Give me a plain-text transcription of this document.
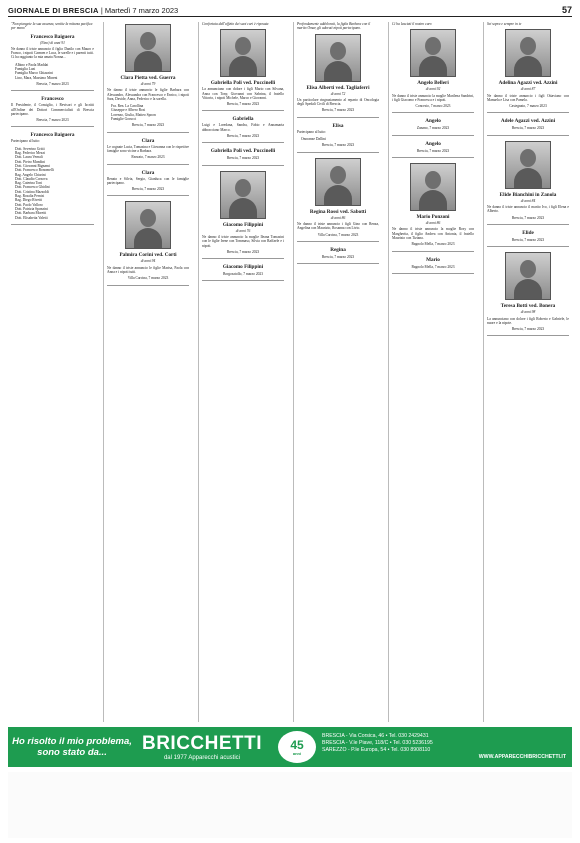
GIORNALE DI BRESCIA | Martedì 7 marzo 2023	57
"Non piangete la sua assenza, sentite la mitezza pacifica per mano"
Francesco Baiguera
(Nino) di anni 91
Ne danno il triste annuncio il figlio Danilo con Mauro e Franco, i nipoti Carmen e Luca, le sorelle e i parenti tutti.
Ci ha raggiunto la mia amata Nonna...
Albino e Paola Maddai
Famiglia Luzi
Famiglia Marco Ghiazzini
Lino, Mara, Massimo Mineni
Brescia, 7 marzo 2023
Francesco
Il Presidente, il Consiglio, i Revisori e gli Iscritti all'Ordine dei Dottori Commercialisti di Brescia partecipano.
Brescia, 7 marzo 2023
Francesco Baiguera
Partecipano al lutto:
Dott. Severino Gritti
Rag. Federico Mezzi
Dott. Laura Vernali
Dott. Pietro Mondini
Dott. Giovanni Bignami
Dott. Francesco Bonomelli
Rag. Angelo Chiarini
Dott. Claudio Corsova
Rag. Caterina Toni
Dott. Francesco Ghidini
Dott. Cristina Mazzoldi
Rag. Rosalia Pernisi
Rag. Diego Rivetti
Dott. Paolo Valloro
Dott. Patrizia Sponzini
Dott. Barbara Moretti
Dott. Elisabetta Valetti
Clara Pietta ved. Guerra
di anni 79
Ne danno il triste annuncio le figlie Barbara con Alessandro, Alessandra con Francesco e Enrico, i nipoti Sara, Davide, Anna, Federico e la sorella.
Fra. Ren. La Carollina
Giuseppe e Albero Bosi
Lorenzo, Giulia, Matteo Spoon
Famiglie Gorucci
Brescia, 7 marzo 2023
Clara
Le cognate Lucia, Tomasina e Giovanna con le rispettive famiglie sono vicine a Barbara.
Rezzato, 7 marzo 2023
Clara
Renato e Silvia, Sergio, Gianluca con le famiglie partecipano.
Brescia, 7 marzo 2023
Palmira Corini ved. Corti
di anni 94
Ne danno il triste annuncio le figlie Marisa, Paola con Anna e i nipoti tutti.
Villa Carcina, 7 marzo 2023
Confortata dall'affetto dei suoi cari è riposata
Gabriella Poli ved. Puccinelli
La annunciano con dolore i figli Mario con Silvana, Anna con Tony, Giovanni con Sabrina, il fratello Vittorio, i nipoti Michele, Marco e Giovanni.
Brescia, 7 marzo 2023
Gabriella
Luigi e Loredana, Sandra, Fabio e Annamaria abbracciano Marco.
Brescia, 7 marzo 2023
Gabriella Poli ved. Puccinelli
Brescia, 7 marzo 2023
Giacomo Filippini
di anni 76
Ne danno il triste annuncio la moglie Ileana Tomasini con le figlie Irene con Tommaso, Silvia con Raffaele e i nipoti.
Brescia, 7 marzo 2023
Giacomo Filippini
Borgosatollo, 7 marzo 2023
Profondamente addolorati, la figlia Barbara con il marito Omar, gli adorati nipoti partecipano.
Elisa Alberti ved. Tagliaferri
di anni 72
Un particolare ringraziamento al reparto di Oncologia degli Spedali Civili di Brescia.
Brescia, 7 marzo 2023
Elisa
Partecipano al lutto:
Onoranze Dallini
Brescia, 7 marzo 2023
Regina Rossi ved. Sabotti
di anni 86
Ne danno il triste annuncio i figli Gino con Renza, Angelina con Maurizio, Rosanna con Livio.
Villa Carcina, 7 marzo 2023
Regina
Brescia, 7 marzo 2023
Ci ha lasciati il nostro caro
Angelo Belleri
di anni 92
Ne danno il triste annuncio la moglie Marilena Sandrini, i figli Giacomo e Francesca e i nipoti.
Concesio, 7 marzo 2023
Angelo
Zanano, 7 marzo 2023
Angelo
Brescia, 7 marzo 2023
Mario Ponzoni
di anni 86
Ne danno il triste annuncio la moglie Rosy con Margherita, il figlio Andrea con Antonia, il fratello Maurizio con Tiziana.
Bagnolo Mella, 7 marzo 2023
Mario
Bagnolo Mella, 7 marzo 2023
Sei sopra e sempre in te
Adelina Agazzi ved. Azzini
di anni 87
Ne danno il triste annuncio i figli Ottaviano con Manuela e Lisa con Pamela.
Castegnato, 7 marzo 2023
Adele Agazzi ved. Azzini
Brescia, 7 marzo 2023
Elide Bianchini in Zanola
di anni 84
Ne danno il triste annuncio il marito Ivo, i figli Elena e Alberto.
Brescia, 7 marzo 2023
Elide
Brescia, 7 marzo 2023
Teresa Botti ved. Bonera
di anni 98
La annunciano con dolore i figli Roberto e Gabriele, le nuore e la nipote.
Brescia, 7 marzo 2023
Ho risolto il mio problema, sono stato da...	BRICCHETTI
dal 1977 Apparecchi acustici
45
anni
BRESCIA - Via Corsica, 46 • Tel. 030 2429431
BRESCIA - V.le Piave, 118/C • Tel. 030 5236195
SAREZZO - P.le Europa, 54 • Tel. 030 8908110
WWW.APPARECCHIBRICCHETTI.IT
